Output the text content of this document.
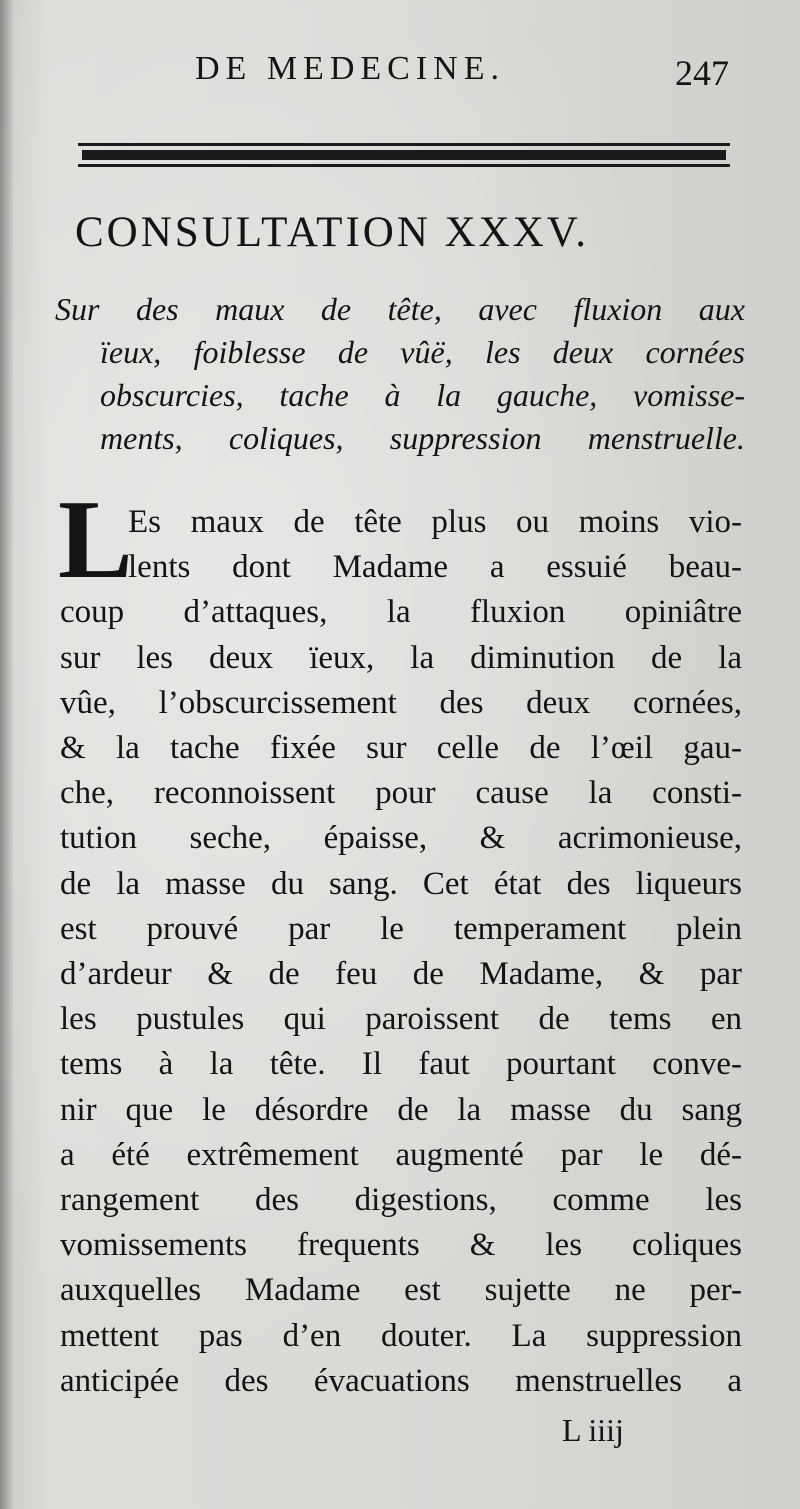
DE MEDECINE.	247
CONSULTATION XXXV.
Sur des maux de tête, avec fluxion aux
ïeux, foiblesse de vûë, les deux cornées
obscurcies, tache à la gauche, vomisse-
ments, coliques, suppression menstruelle.
L
Es maux de tête plus ou moins vio-
lents dont Madame a essuié beau-
coup d’attaques, la fluxion opiniâtre
sur les deux ïeux, la diminution de la
vûe, l’obscurcissement des deux cornées,
& la tache fixée sur celle de l’œil gau-
che, reconnoissent pour cause la consti-
tution seche, épaisse, & acrimonieuse,
de la masse du sang. Cet état des liqueurs
est prouvé par le temperament plein
d’ardeur & de feu de Madame, & par
les pustules qui paroissent de tems en
tems à la tête. Il faut pourtant conve-
nir que le désordre de la masse du sang
a été extrêmement augmenté par le dé-
rangement des digestions, comme les
vomissements frequents & les coliques
auxquelles Madame est sujette ne per-
mettent pas d’en douter. La suppression
anticipée des évacuations menstruelles a
L iiij
